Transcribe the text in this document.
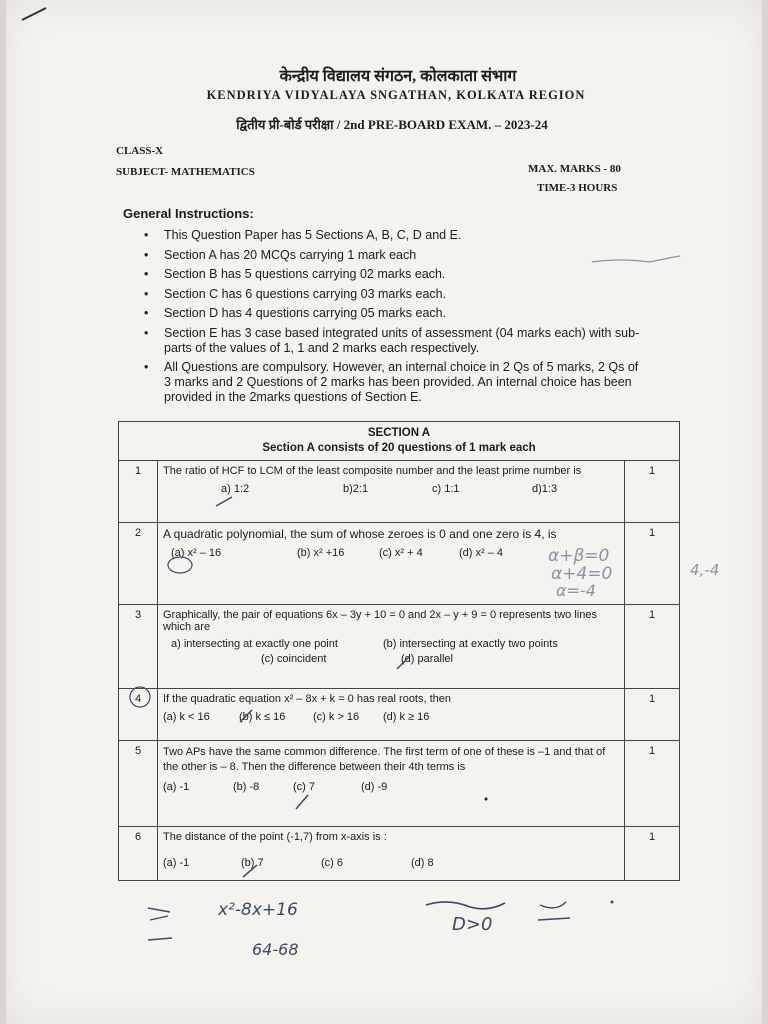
केन्द्रीय विद्यालय संगठन, कोलकाता संभाग
KENDRIYA VIDYALAYA SNGATHAN, KOLKATA REGION
द्वितीय प्री-बोर्ड परीक्षा / 2nd PRE-BOARD EXAM. – 2023-24
CLASS-X
SUBJECT- MATHEMATICS	MAX. MARKS - 80
TIME-3 HOURS
General Instructions:
• This Question Paper has 5 Sections A, B, C, D and E.
• Section A has 20 MCQs carrying 1 mark each
• Section B has 5 questions carrying 02 marks each.
• Section C has 6 questions carrying 03 marks each.
• Section D has 4 questions carrying 05 marks each.
• Section E has 3 case based integrated units of assessment (04 marks each) with sub- parts of the values of 1, 1 and 2 marks each respectively.
• All Questions are compulsory. However, an internal choice in 2 Qs of 5 marks, 2 Qs of 3 marks and 2 Questions of 2 marks has been provided. An internal choice has been provided in the 2marks questions of Section E.
SECTION A
Section A consists of 20 questions of 1 mark each		

1	The ratio of HCF to LCM of the least composite number and the least prime number is
a) 1:2 b)2:1 c) 1:1 d)1:3	1
2	A quadratic polynomial, the sum of whose zeroes is 0 and one zero is 4, is
(a) x² – 16 (b) x² +16 (c) x² + 4 (d) x² – 4	1
3	Graphically, the pair of equations 6x – 3y + 10 = 0 and 2x – y + 9 = 0 represents two lines which are
a) intersecting at exactly one point (b) intersecting at exactly two points
(c) coincident (d) parallel	1
4	If the quadratic equation x² – 8x + k = 0 has real roots, then
(a) k < 16 (b) k ≤ 16 (c) k > 16 (d) k ≥ 16	1
5	Two APs have the same common difference. The first term of one of these is –1 and that of the other is – 8. Then the difference between their 4th terms is
(a) -1 (b) -8 (c) 7 (d) -9	1
6	The distance of the point (-1,7) from x-axis is :
(a) -1 (b) 7 (c) 6 (d) 8	1
α+β=0
α+4=0
α=-4
4,-4
x²-8x+16
64-68
D>0
